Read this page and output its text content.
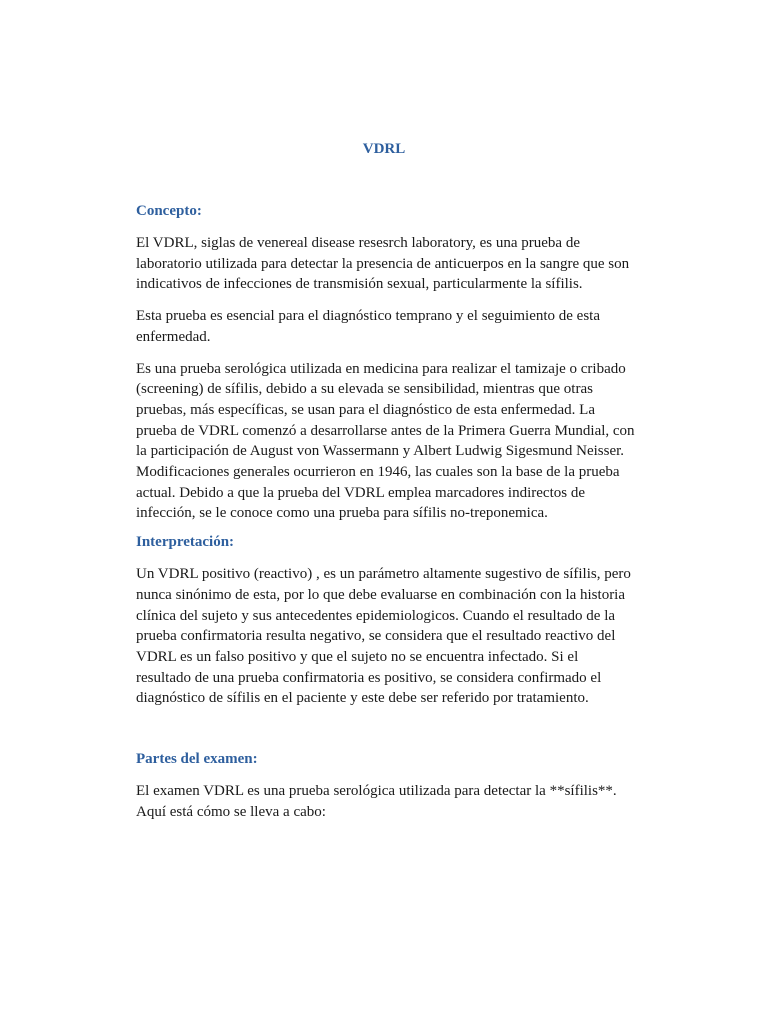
VDRL
Concepto:

El VDRL, siglas de venereal disease resesrch laboratory, es una prueba de laboratorio utilizada para detectar la presencia de anticuerpos en la sangre que son indicativos de infecciones de transmisión sexual, particularmente la sífilis.

Esta prueba es esencial para el diagnóstico temprano y el seguimiento de esta enfermedad.

Es una prueba serológica utilizada en medicina para realizar el tamizaje o cribado (screening) de sífilis, debido a su elevada se sensibilidad, mientras que otras pruebas, más específicas, se usan para el diagnóstico de esta enfermedad. La prueba de VDRL comenzó a desarrollarse antes de la Primera Guerra Mundial, con la participación de August von Wassermann y Albert Ludwig Sigesmund Neisser. Modificaciones generales ocurrieron en 1946, las cuales son la base de la prueba actual. Debido a que la prueba del VDRL emplea marcadores indirectos de infección, se le conoce como una prueba para sífilis no-treponemica.

Interpretación:

Un VDRL positivo (reactivo) , es un parámetro altamente sugestivo de sífilis, pero nunca sinónimo de esta, por lo que debe evaluarse en combinación con la historia clínica del sujeto y sus antecedentes epidemiologicos. Cuando el resultado de la prueba confirmatoria resulta negativo, se considera que el resultado reactivo del VDRL es un falso positivo y que el sujeto no se encuentra infectado. Si el resultado de una prueba confirmatoria es positivo, se considera confirmado el diagnóstico de sífilis en el paciente y este debe ser referido por tratamiento.

Partes del examen:

El examen VDRL es una prueba serológica utilizada para detectar la **sífilis**. Aquí está cómo se lleva a cabo:
